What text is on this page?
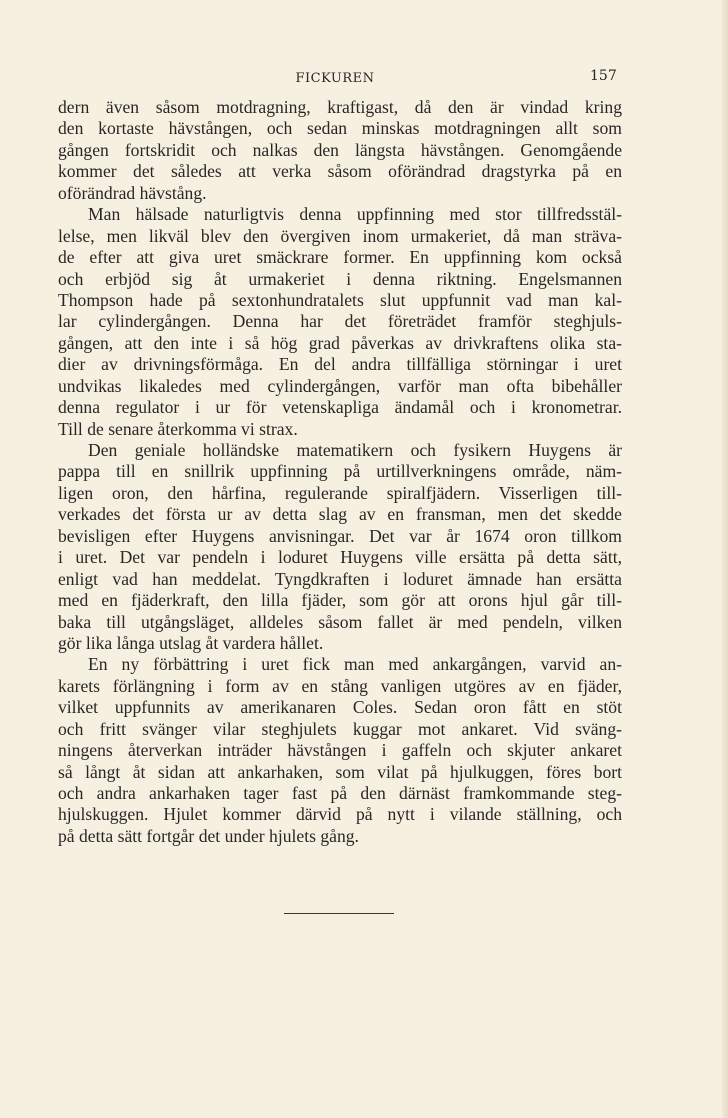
FICKUREN	157
dern även såsom motdragning, kraftigast, då den är vindad kring
den kortaste hävstången, och sedan minskas motdragningen allt som
gången fortskridit och nalkas den längsta hävstången. Genomgående
kommer det således att verka såsom oförändrad dragstyrka på en
oförändrad hävstång.
Man hälsade naturligtvis denna uppfinning med stor tillfredsstäl-
lelse, men likväl blev den övergiven inom urmakeriet, då man sträva-
de efter att giva uret smäckrare former. En uppfinning kom också
och erbjöd sig åt urmakeriet i denna riktning. Engelsmannen
Thompson hade på sextonhundratalets slut uppfunnit vad man kal-
lar cylindergången. Denna har det företrädet framför steghjuls-
gången, att den inte i så hög grad påverkas av drivkraftens olika sta-
dier av drivningsförmåga. En del andra tillfälliga störningar i uret
undvikas likaledes med cylindergången, varför man ofta bibehåller
denna regulator i ur för vetenskapliga ändamål och i kronometrar.
Till de senare återkomma vi strax.
Den geniale holländske matematikern och fysikern Huygens är
pappa till en snillrik uppfinning på urtillverkningens område, näm-
ligen oron, den hårfina, regulerande spiralfjädern. Visserligen till-
verkades det första ur av detta slag av en fransman, men det skedde
bevisligen efter Huygens anvisningar. Det var år 1674 oron tillkom
i uret. Det var pendeln i loduret Huygens ville ersätta på detta sätt,
enligt vad han meddelat. Tyngdkraften i loduret ämnade han ersätta
med en fjäderkraft, den lilla fjäder, som gör att orons hjul går till-
baka till utgångsläget, alldeles såsom fallet är med pendeln, vilken
gör lika långa utslag åt vardera hållet.
En ny förbättring i uret fick man med ankargången, varvid an-
karets förlängning i form av en stång vanligen utgöres av en fjäder,
vilket uppfunnits av amerikanaren Coles. Sedan oron fått en stöt
och fritt svänger vilar steghjulets kuggar mot ankaret. Vid sväng-
ningens återverkan inträder hävstången i gaffeln och skjuter ankaret
så långt åt sidan att ankarhaken, som vilat på hjulkuggen, föres bort
och andra ankarhaken tager fast på den därnäst framkommande steg-
hjulskuggen. Hjulet kommer därvid på nytt i vilande ställning, och
på detta sätt fortgår det under hjulets gång.
